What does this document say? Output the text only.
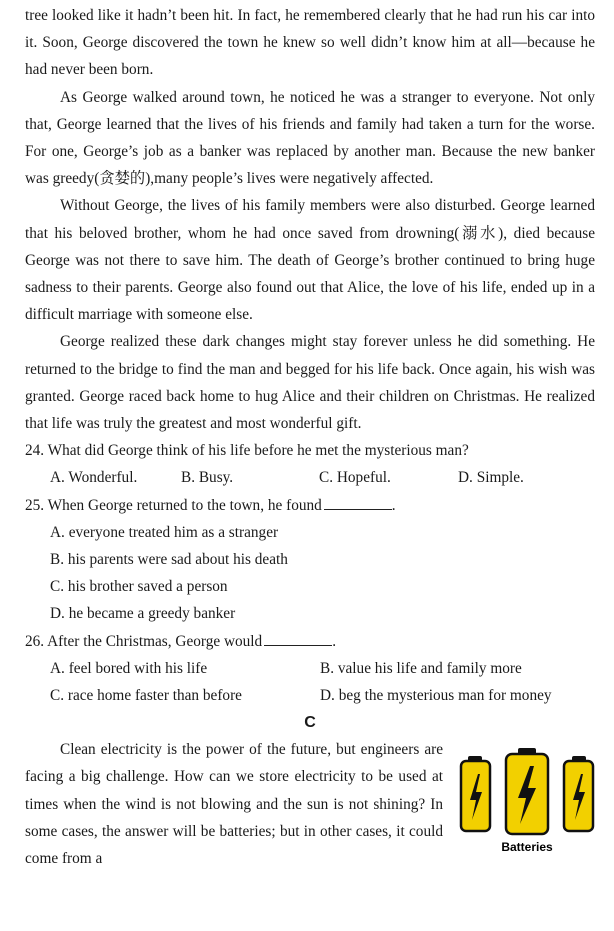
tree looked like it hadn’t been hit. In fact, he remembered clearly that he had run his car into it. Soon, George discovered the town he knew so well didn’t know him at all—because he had never been born.

As George walked around town, he noticed he was a stranger to everyone. Not only that, George learned that the lives of his friends and family had taken a turn for the worse. For one, George’s job as a banker was replaced by another man. Because the new banker was greedy(贪婪的),many people’s lives were negatively affected.

Without George, the lives of his family members were also disturbed. George learned that his beloved brother, whom he had once saved from drowning(溺水), died because George was not there to save him. The death of George’s brother continued to bring huge sadness to their parents. George also found out that Alice, the love of his life, ended up in a difficult marriage with someone else.

George realized these dark changes might stay forever unless he did something. He returned to the bridge to find the man and begged for his life back. Once again, his wish was granted. George raced back home to hug Alice and their children on Christmas. He realized that life was truly the greatest and most wonderful gift.

24. What did George think of his life before he met the mysterious man?

A. Wonderful.	B. Busy.	C. Hopeful.	D. Simple.

25. When George returned to the town, he found	.

A. everyone treated him as a stranger
B. his parents were sad about his death
C. his brother saved a person
D. he became a greedy banker

26. After the Christmas, George would	.

A. feel bored with his life	B. value his life and family more
C. race home faster than before	D. beg the mysterious man for money

C

Clean electricity is the power of the future, but engineers are facing a big challenge. How can we store electricity to be used at times when the wind is not blowing and the sun is not shining? In some cases, the answer will be batteries; but in other cases, it could come from a

Batteries
